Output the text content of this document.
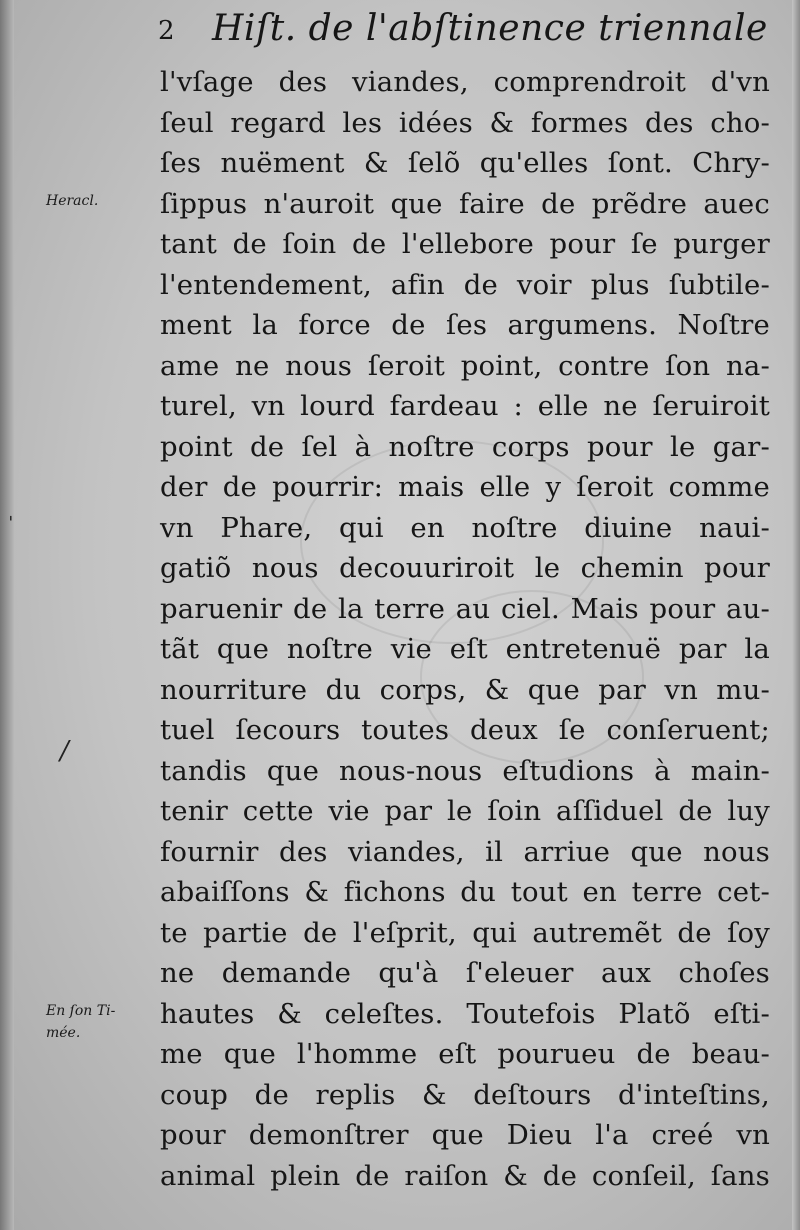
2 Hiſt. de l'abſtinence triennale
Heracl.
En ſon Ti-
mée.
ˈ
/
l'vſage des viandes, comprendroit d'vn
ſeul regard les idées & formes des cho-
ſes nuëment & ſelõ qu'elles ſont. Chry-
ſippus n'auroit que faire de prẽdre auec
tant de ſoin de l'ellebore pour ſe purger
l'entendement, afin de voir plus ſubtile-
ment la force de ſes argumens. Noſtre
ame ne nous ſeroit point, contre ſon na-
turel, vn lourd fardeau : elle ne ſeruiroit
point de ſel à noſtre corps pour le gar-
der de pourrir: mais elle y ſeroit comme
vn Phare, qui en noſtre diuine naui-
gatiõ nous decouuriroit le chemin pour
paruenir de la terre au ciel. Mais pour au-
tãt que noſtre vie eſt entretenuë par la
nourriture du corps, & que par vn mu-
tuel ſecours toutes deux ſe conſeruent;
tandis que nous-nous eſtudions à main-
tenir cette vie par le ſoin aſſiduel de luy
fournir des viandes, il arriue que nous
abaiſſons & fichons du tout en terre cet-
te partie de l'eſprit, qui autremẽt de ſoy
ne demande qu'à ſ'eleuer aux choſes
hautes & celeſtes. Toutefois Platõ eſti-
me que l'homme eſt pourueu de beau-
coup de replis & deſtours d'inteſtins,
pour demonſtrer que Dieu l'a creé vn
animal plein de raiſon & de conſeil, ſans
